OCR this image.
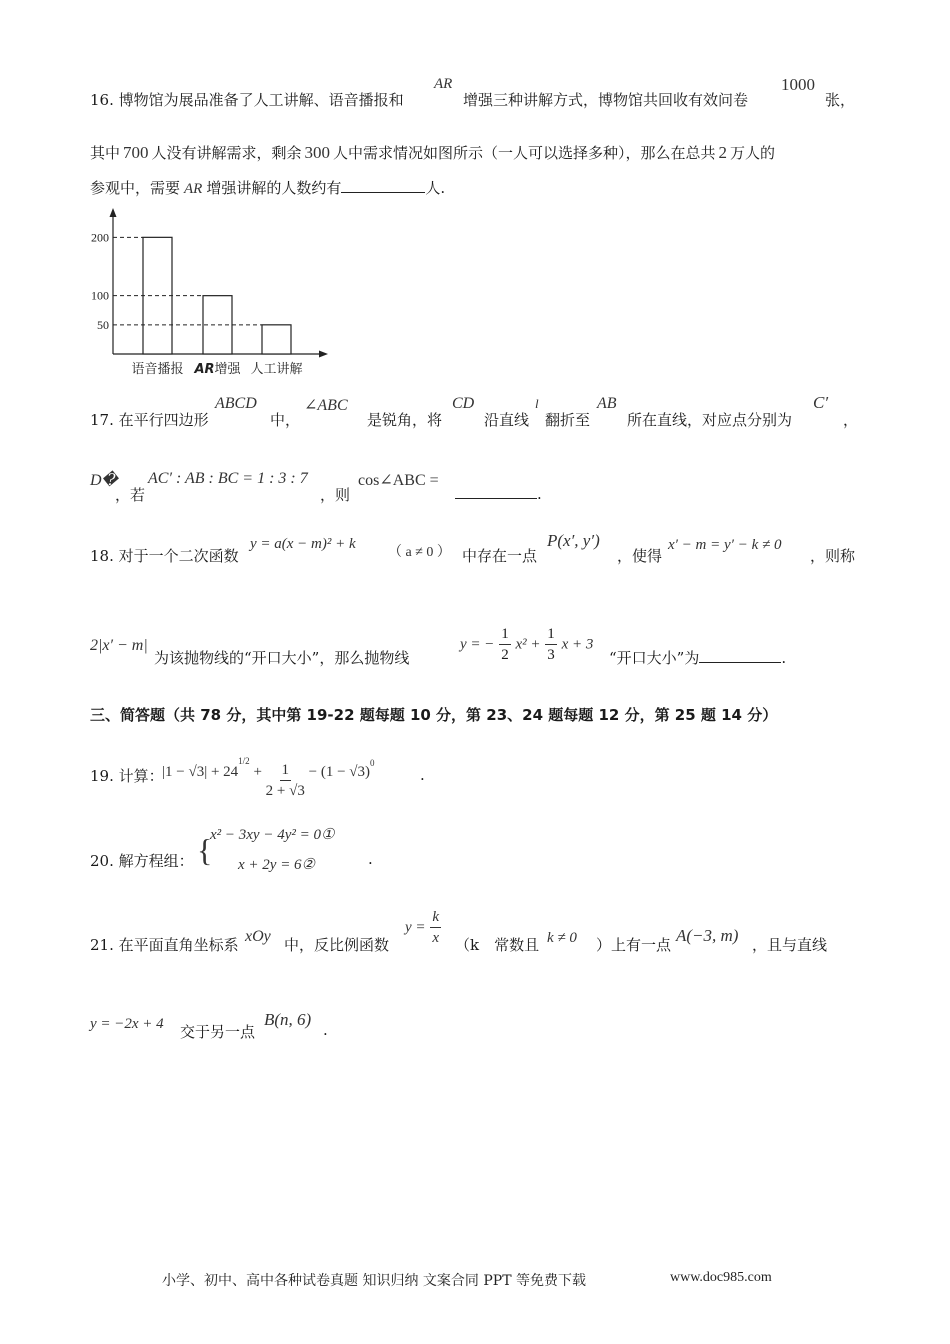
16. 博物馆为展品准备了人工讲解、语音播报和
AR
增强三种讲解方式，博物馆共回收有效问卷
1000
张，
其中 700 人没有讲解需求，剩余 300 人中需求情况如图所示（一人可以选择多种），那么在总共 2 万人的
参观中，需要 AR 增强讲解的人数约有	人.
200
语音播报
100
AR增强
50
人工讲解
17. 在平行四边形
ABCD
中，
∠ABC
是锐角，将
CD
沿直线
l
翻折至
AB
所在直线，对应点分别为
C′
，
D�
，若
AC′ : AB : BC = 1 : 3 : 7
，则
cos∠ABC =
.
18. 对于一个二次函数
y = a(x − m)² + k
（ a ≠ 0 ） 中存在一点
P(x′, y′)
，使得
x′ − m = y′ − k ≠ 0
，则称
2|x′ − m|
为该抛物线的“开口大小”，那么抛物线
y = − $\frac{1}{2} x^2 + \frac{1}{3}$ x + 3
“开口大小”为	.
三、简答题（共 78 分，其中第 19-22 题每题 10 分，第 23、24 题每题 12 分，第 25 题 14 分）
19. 计算：
$|1 - √3| + 24^{1/2} + \frac{1}{2 + √3} - (1 - √3)^0$
.
20. 解方程组： {
x² − 3xy − 4y² = 0①
x + 2y = 6②	.
21. 在平面直角坐标系 xOy 中，反比例函数
$y = \frac{k}{x} (k$　常数且 k ≠ 0 ）上有一点 A(−3, m) ，且与直线
y = −2x + 4 交于另一点
B(n, 6)
.
小学、初中、高中各种试卷真题 知识归纳 文案合同 PPT 等免费下载	www.doc985.com
